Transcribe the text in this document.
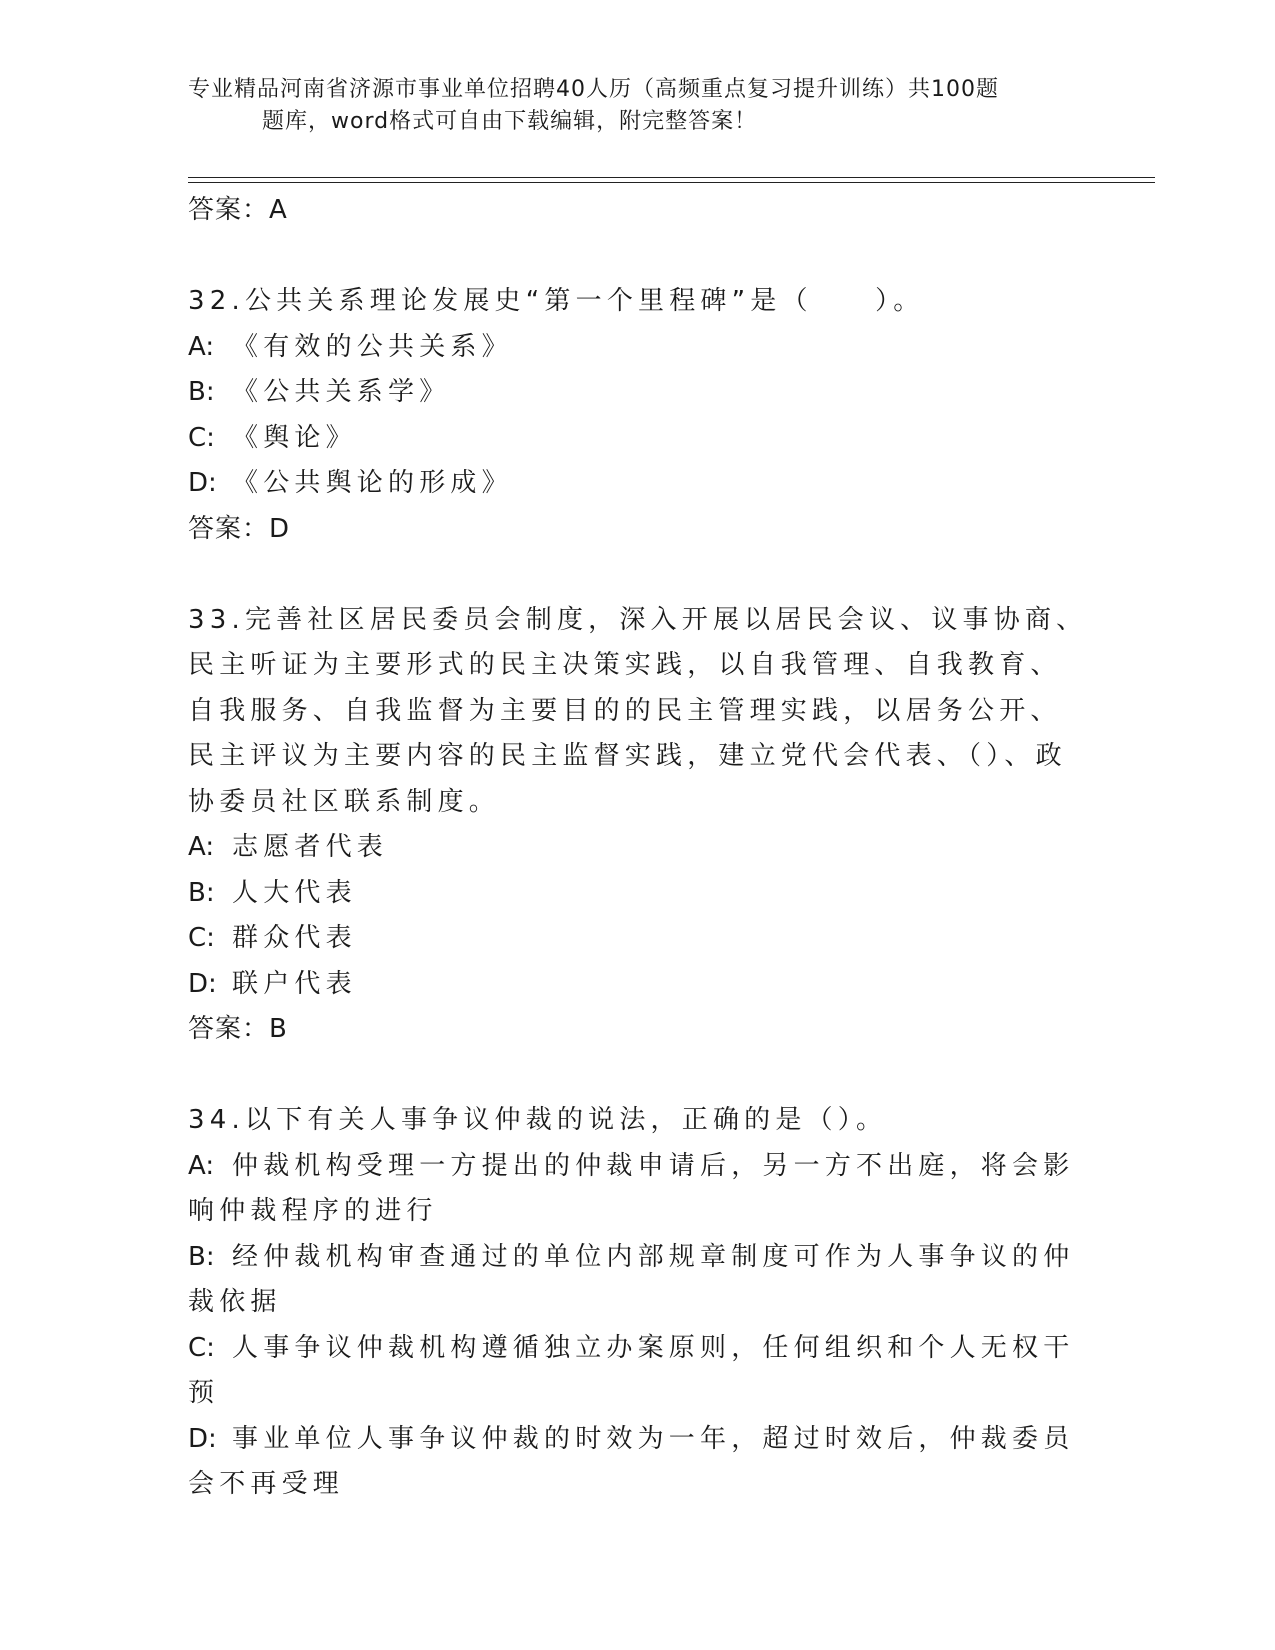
专业精品河南省济源市事业单位招聘40人历（高频重点复习提升训练）共100题
题库，word格式可自由下载编辑，附完整答案！
答案：A

32.公共关系理论发展史“第一个里程碑”是（　　）。

A: 《有效的公共关系》

B: 《公共关系学》

C: 《舆论》

D: 《公共舆论的形成》

答案：D

33.完善社区居民委员会制度，深入开展以居民会议、议事协商、民主听证为主要形式的民主决策实践，以自我管理、自我教育、自我服务、自我监督为主要目的的民主管理实践，以居务公开、民主评议为主要内容的民主监督实践，建立党代会代表、（）、政协委员社区联系制度。

A: 志愿者代表

B: 人大代表

C: 群众代表

D: 联户代表

答案：B

34.以下有关人事争议仲裁的说法，正确的是（）。

A: 仲裁机构受理一方提出的仲裁申请后，另一方不出庭，将会影响仲裁程序的进行

B: 经仲裁机构审查通过的单位内部规章制度可作为人事争议的仲裁依据

C: 人事争议仲裁机构遵循独立办案原则，任何组织和个人无权干预

D: 事业单位人事争议仲裁的时效为一年，超过时效后，仲裁委员会不再受理
